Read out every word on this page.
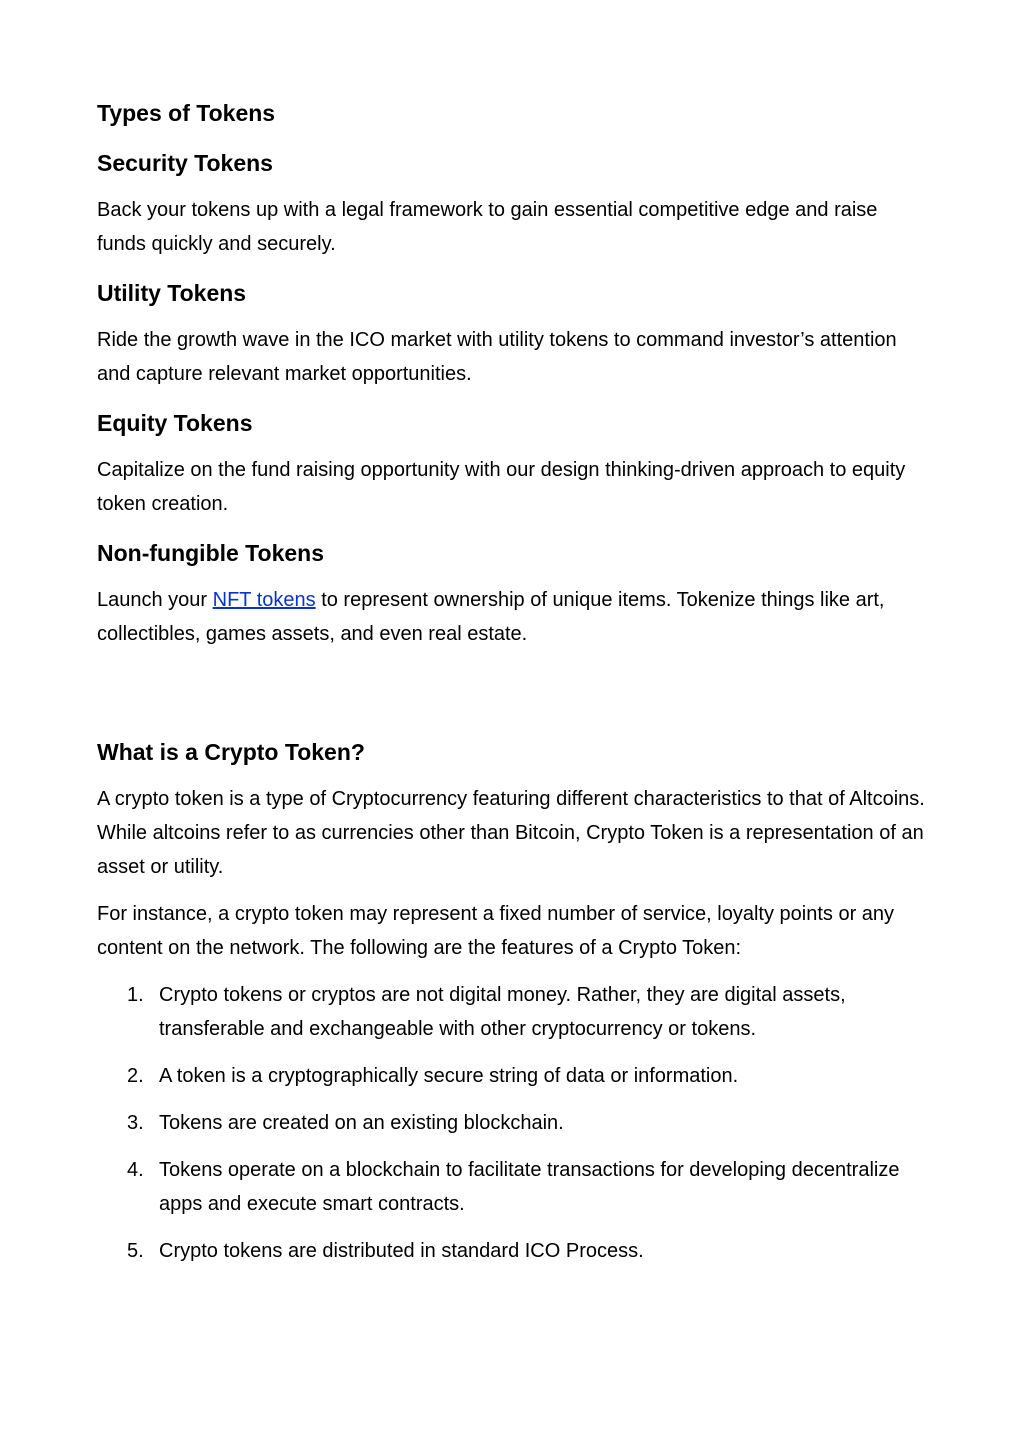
Types of Tokens
Security Tokens

Back your tokens up with a legal framework to gain essential competitive edge and raise funds quickly and securely.

Utility Tokens

Ride the growth wave in the ICO market with utility tokens to command investor’s attention and capture relevant market opportunities.

Equity Tokens

Capitalize on the fund raising opportunity with our design thinking-driven approach to equity token creation.

Non-fungible Tokens

Launch your NFT tokens to represent ownership of unique items. Tokenize things like art, collectibles, games assets, and even real estate.

What is a Crypto Token?

A crypto token is a type of Cryptocurrency featuring different characteristics to that of Altcoins. While altcoins refer to as currencies other than Bitcoin, Crypto Token is a representation of an asset or utility.

For instance, a crypto token may represent a fixed number of service, loyalty points or any content on the network. The following are the features of a Crypto Token:

1. Crypto tokens or cryptos are not digital money. Rather, they are digital assets, transferable and exchangeable with other cryptocurrency or tokens.
2. A token is a cryptographically secure string of data or information.
3. Tokens are created on an existing blockchain.
4. Tokens operate on a blockchain to facilitate transactions for developing decentralize apps and execute smart contracts.
5. Crypto tokens are distributed in standard ICO Process.
